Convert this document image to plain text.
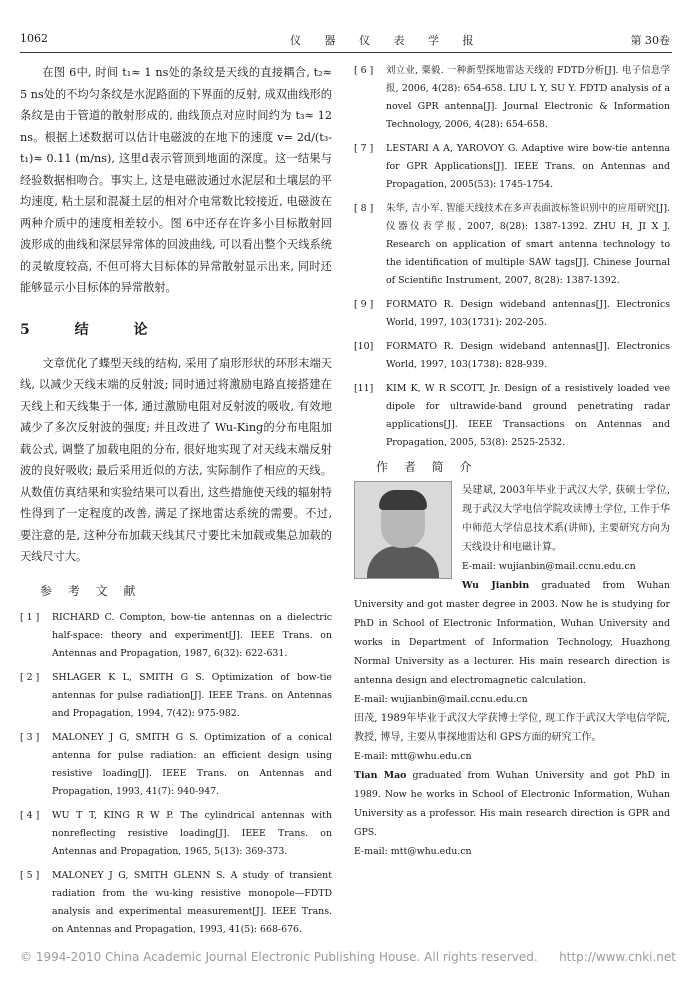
1062	仪 器 仪 表 学 报	第 30卷

在图 6中, 时间 t₁≈ 1 ns处的条纹是天线的直接耦合, t₂≈ 5 ns处的不均匀条纹是水泥路面的下界面的反射, 成双曲线形的条纹是由于管道的散射形成的, 曲线顶点对应时间约为 t₃≈ 12 ns。根据上述数据可以估计电磁波的在地下的速度 v= 2d/(t₃- t₁)≈ 0.11 (m/ns), 这里d表示管顶到地面的深度。这一结果与经验数据相吻合。事实上, 这是电磁波通过水泥层和土壤层的平均速度, 粘土层和混凝土层的相对介电常数比较接近, 电磁波在两种介质中的速度相差较小。图 6中还存在许多小目标散射回波形成的曲线和深层异常体的回波曲线, 可以看出整个天线系统的灵敏度较高, 不但可将大目标体的异常散射显示出来, 同时还能够显示小目标体的异常散射。

5 结 论

文章优化了蝶型天线的结构, 采用了扇形形状的环形末端天线, 以减少天线末端的反射波; 同时通过将激励电路直接搭建在天线上和天线集于一体, 通过激励电阻对反射波的吸收, 有效地减少了多次反射波的强度; 并且改进了 Wu-King的分布电阻加载公式, 调整了加载电阻的分布, 很好地实现了对天线末端反射波的良好吸收; 最后采用近似的方法, 实际制作了相应的天线。从数值仿真结果和实验结果可以看出, 这些措施使天线的辐射特性得到了一定程度的改善, 满足了探地雷达系统的需要。不过, 要注意的是, 这种分布加载天线其尺寸要比未加载或集总加载的天线尺寸大。

参 考 文 献
[ 1 ]	RICHARD C. Compton, bow-tie antennas on a dielectric half-space: theory and experiment[J]. IEEE Trans. on Antennas and Propagation, 1987, 6(32): 622-631.
[ 2 ]	SHLAGER K L, SMITH G S. Optimization of bow-tie antennas for pulse radiation[J]. IEEE Trans. on Antennas and Propagation, 1994, 7(42): 975-982.
[ 3 ]	MALONEY J G, SMITH G S. Optimization of a conical antenna for pulse radiation: an efficient design using resistive loading[J]. IEEE Trans. on Antennas and Propagation, 1993, 41(7): 940-947.
[ 4 ]	WU T T, KING R W P. The cylindrical antennas with nonreflecting resistive loading[J]. IEEE Trans. on Antennas and Propagation, 1965, 5(13): 369-373.
[ 5 ]	MALONEY J G, SMITH GLENN S. A study of transient radiation from the wu-king resistive monopole—FDTD analysis and experimental measurement[J]. IEEE Trans. on Antennas and Propagation, 1993, 41(5): 668-676.
[ 6 ]	刘立业, 粟毅. 一种新型探地雷达天线的 FDTD分析[J]. 电子信息学报, 2006, 4(28): 654-658. LIU L Y, SU Y. FDTD analysis of a novel GPR antenna[J]. Journal Electronic & Information Technology, 2006, 4(28): 654-658.
[ 7 ]	LESTARI A A, YAROVOY G. Adaptive wire bow-tie antenna for GPR Applications[J]. IEEE Trans. on Antennas and Propagation, 2005(53): 1745-1754.
[ 8 ]	朱华, 吉小军. 智能天线技术在多声表面波标签识别中的应用研究[J]. 仪器仪表学报, 2007, 8(28): 1387-1392. ZHU H, JI X J. Research on application of smart antenna technology to the identification of multiple SAW tags[J]. Chinese Journal of Scientific Instrument, 2007, 8(28): 1387-1392.
[ 9 ]	FORMATO R. Design wideband antennas[J]. Electronics World, 1997, 103(1731): 202-205.
[10]	FORMATO R. Design wideband antennas[J]. Electronics World, 1997, 103(1738): 828-939.
[11]	KIM K, W R SCOTT, Jr. Design of a resistively loaded vee dipole for ultrawide-band ground penetrating radar applications[J]. IEEE Transactions on Antennas and Propagation, 2005, 53(8): 2525-2532.
作 者 简 介

吴建斌, 2003年毕业于武汉大学, 获硕士学位, 现于武汉大学电信学院攻读博士学位, 工作于华中师范大学信息技术系(讲师), 主要研究方向为天线设计和电磁计算。

E-mail: wujianbin@mail.ccnu.edu.cn

Wu Jianbin graduated from Wuhan University and got master degree in 2003. Now he is studying for PhD in School of Electronic Information, Wuhan University and works in Department of Information Technology, Huazhong Normal University as a lecturer. His main research direction is antenna design and electromagnetic calculation.

E-mail: wujianbin@mail.ccnu.edu.cn

田茂, 1989年毕业于武汉大学获博士学位, 现工作于武汉大学电信学院, 教授, 博导, 主要从事探地雷达和 GPS方面的研究工作。

E-mail: mtt@whu.edu.cn

Tian Mao graduated from Wuhan University and got PhD in 1989. Now he works in School of Electronic Information, Wuhan University as a professor. His main research direction is GPR and GPS.

E-mail: mtt@whu.edu.cn

© 1994-2010 China Academic Journal Electronic Publishing House. All rights reserved. http://www.cnki.net
